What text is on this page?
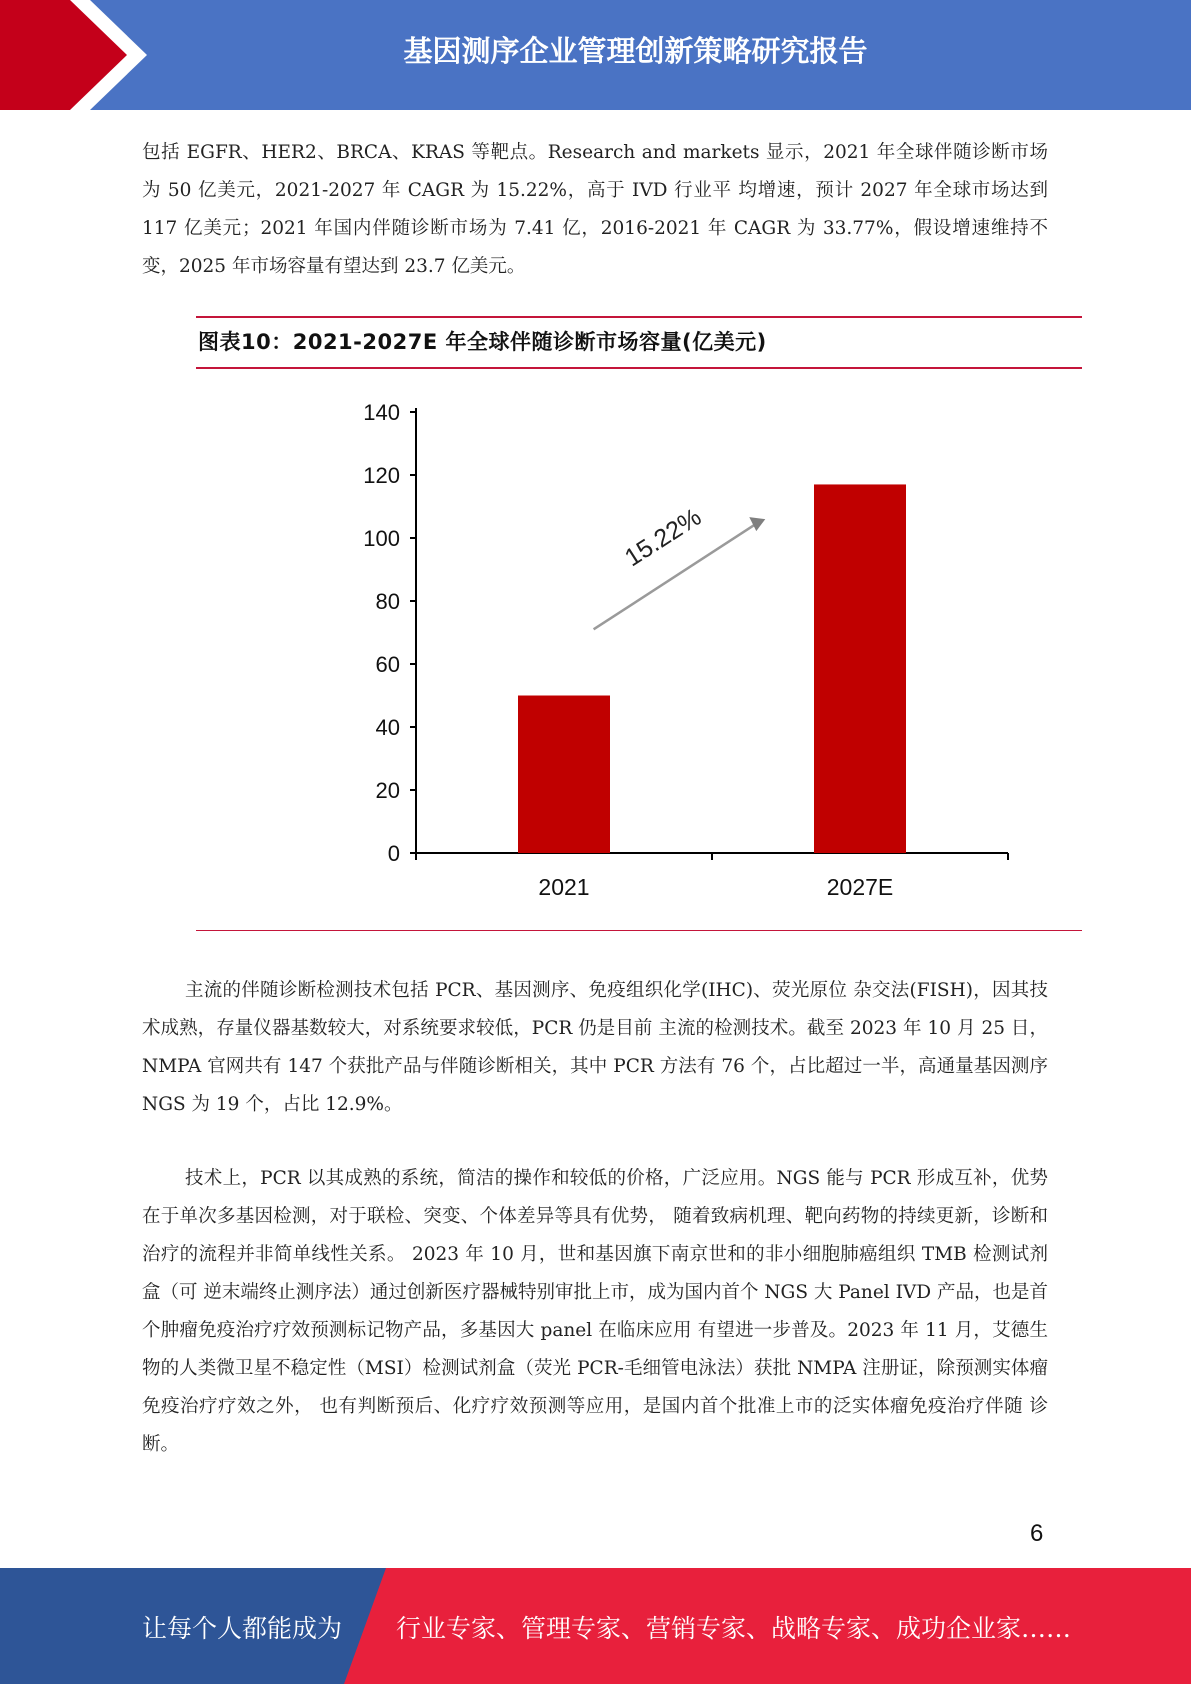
基因测序企业管理创新策略研究报告

包括 EGFR、HER2、BRCA、KRAS 等靶点。Research and markets 显示，2021 年全球伴随诊断市场为 50 亿美元，2021-2027 年 CAGR 为 15.22%，高于 IVD 行业平 均增速，预计 2027 年全球市场达到 117 亿美元；2021 年国内伴随诊断市场为 7.41 亿，2016-2021 年 CAGR 为 33.77%，假设增速维持不变，2025 年市场容量有望达到 23.7 亿美元。

图表10：2021-2027E 年全球伴随诊断市场容量(亿美元)
0
20
40
60
80
100
120
140
2021	2027E
15.22%

主流的伴随诊断检测技术包括 PCR、基因测序、免疫组织化学(IHC)、荧光原位 杂交法(FISH)，因其技术成熟，存量仪器基数较大，对系统要求较低，PCR 仍是目前 主流的检测技术。截至 2023 年 10 月 25 日，NMPA 官网共有 147 个获批产品与伴随诊断相关，其中 PCR 方法有 76 个，占比超过一半，高通量基因测序 NGS 为 19 个，占比 12.9%。

技术上，PCR 以其成熟的系统，简洁的操作和较低的价格，广泛应用。NGS 能与 PCR 形成互补，优势在于单次多基因检测，对于联检、突变、个体差异等具有优势， 随着致病机理、靶向药物的持续更新，诊断和治疗的流程并非简单线性关系。 2023 年 10 月，世和基因旗下南京世和的非小细胞肺癌组织 TMB 检测试剂盒（可 逆末端终止测序法）通过创新医疗器械特别审批上市，成为国内首个 NGS 大 Panel IVD 产品，也是首个肿瘤免疫治疗疗效预测标记物产品，多基因大 panel 在临床应用 有望进一步普及。2023 年 11 月，艾德生物的人类微卫星不稳定性（MSI）检测试剂盒（荧光 PCR-毛细管电泳法）获批 NMPA 注册证，除预测实体瘤免疫治疗疗效之外， 也有判断预后、化疗疗效预测等应用，是国内首个批准上市的泛实体瘤免疫治疗伴随 诊断。

6
让每个人都能成为 行业专家、管理专家、营销专家、战略专家、成功企业家……
